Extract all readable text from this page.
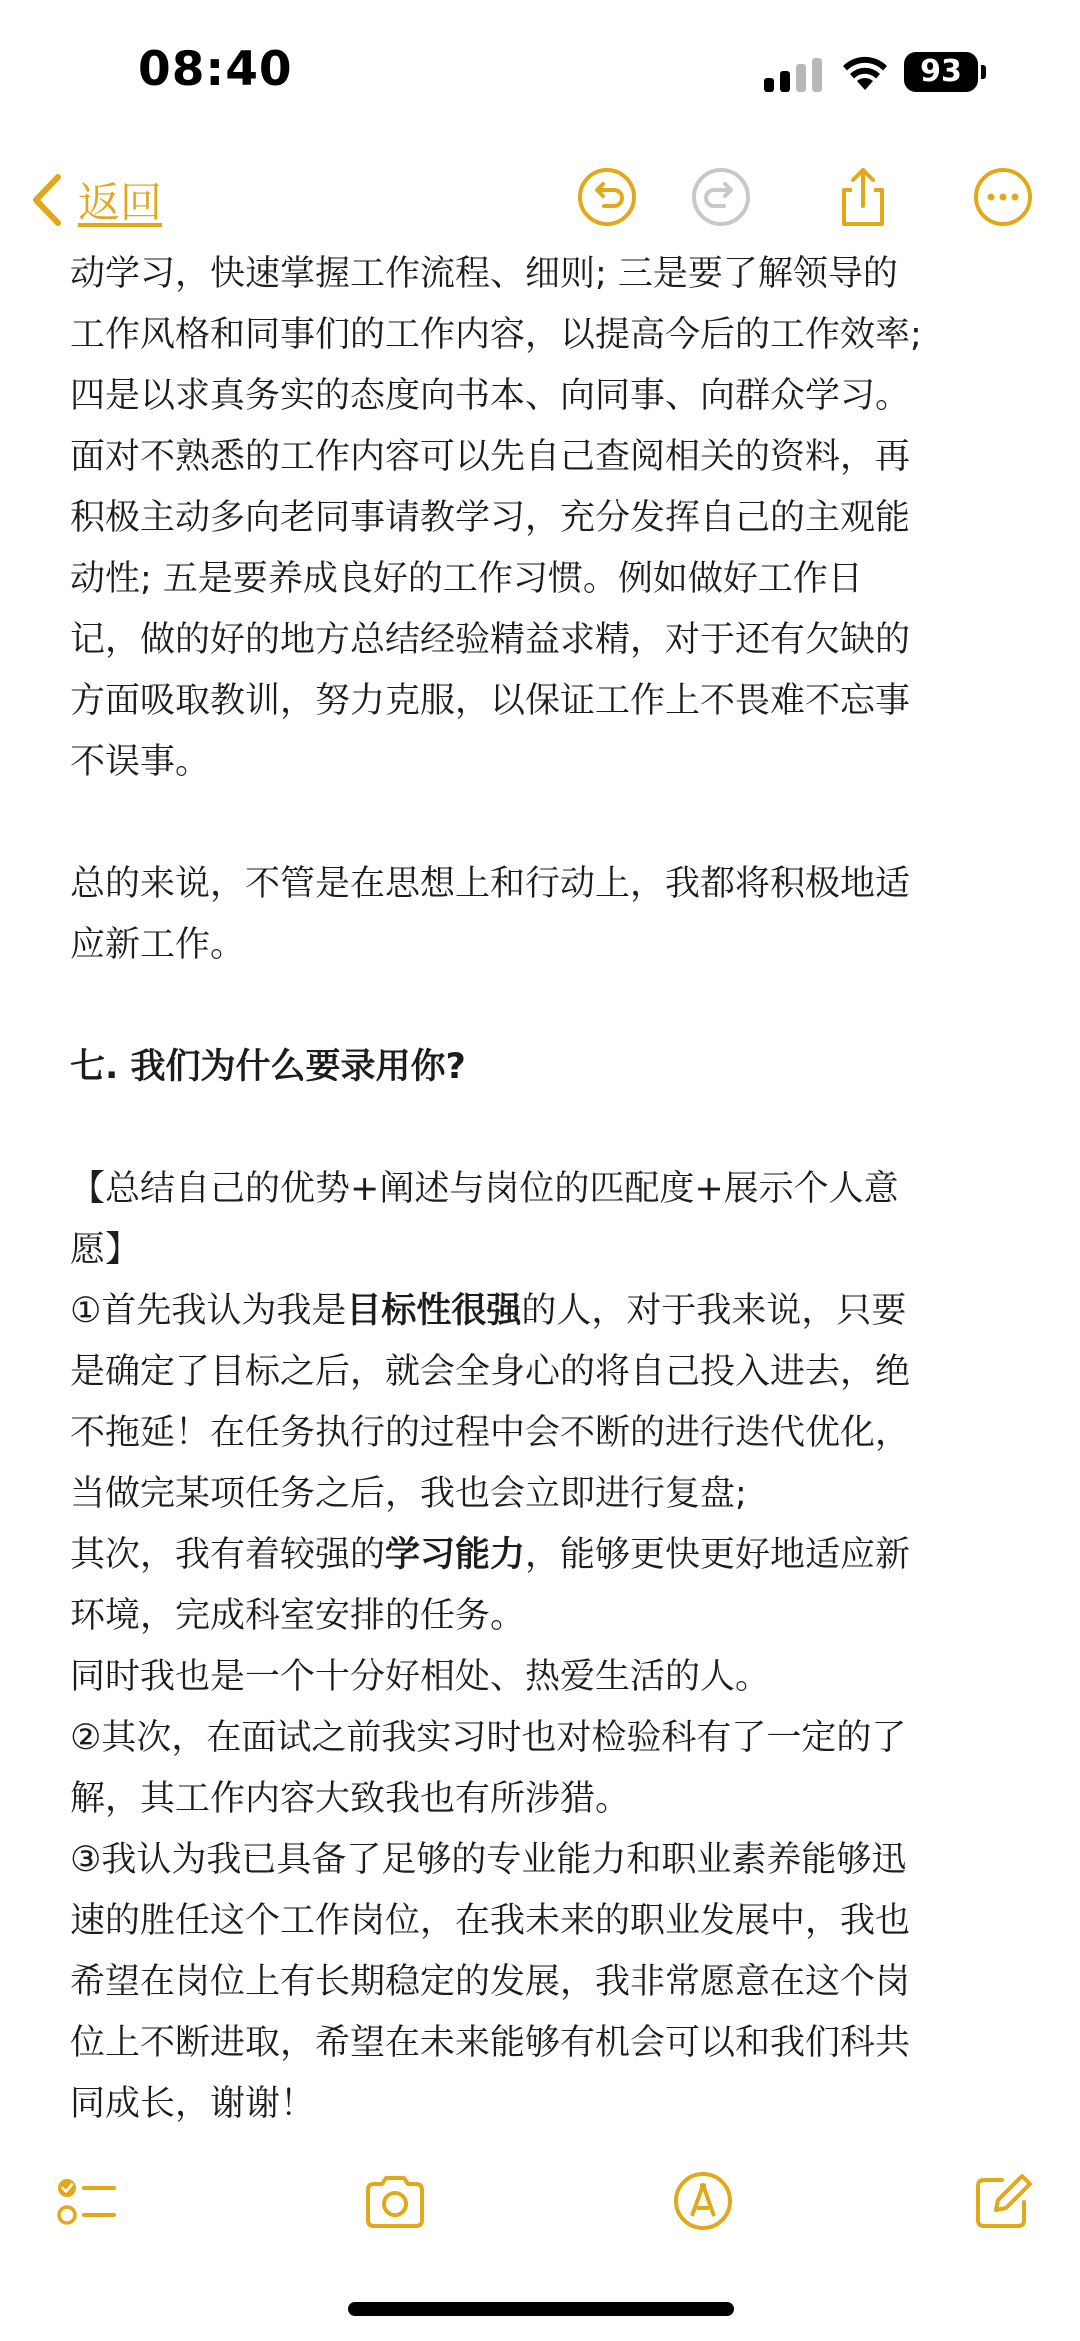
08:40	93
返回
动学习，快速掌握工作流程、细则; 三是要了解领导的
工作风格和同事们的工作内容，以提高今后的工作效率;
四是以求真务实的态度向书本、向同事、向群众学习。
面对不熟悉的工作内容可以先自己查阅相关的资料，再
积极主动多向老同事请教学习，充分发挥自己的主观能
动性; 五是要养成良好的工作习惯。例如做好工作日
记，做的好的地方总结经验精益求精，对于还有欠缺的
方面吸取教训，努力克服，以保证工作上不畏难不忘事
不误事。
总的来说，不管是在思想上和行动上，我都将积极地适
应新工作。
七. 我们为什么要录用你?
【总结自己的优势+阐述与岗位的匹配度+展示个人意
愿】
①首先我认为我是目标性很强的人，对于我来说，只要
是确定了目标之后，就会全身心的将自己投入进去，绝
不拖延！在任务执行的过程中会不断的进行迭代优化，
当做完某项任务之后，我也会立即进行复盘;
其次，我有着较强的学习能力，能够更快更好地适应新
环境，完成科室安排的任务。
同时我也是一个十分好相处、热爱生活的人。
②其次，在面试之前我实习时也对检验科有了一定的了
解，其工作内容大致我也有所涉猎。
③我认为我已具备了足够的专业能力和职业素养能够迅
速的胜任这个工作岗位，在我未来的职业发展中，我也
希望在岗位上有长期稳定的发展，我非常愿意在这个岗
位上不断进取，希望在未来能够有机会可以和我们科共
同成长，谢谢！
